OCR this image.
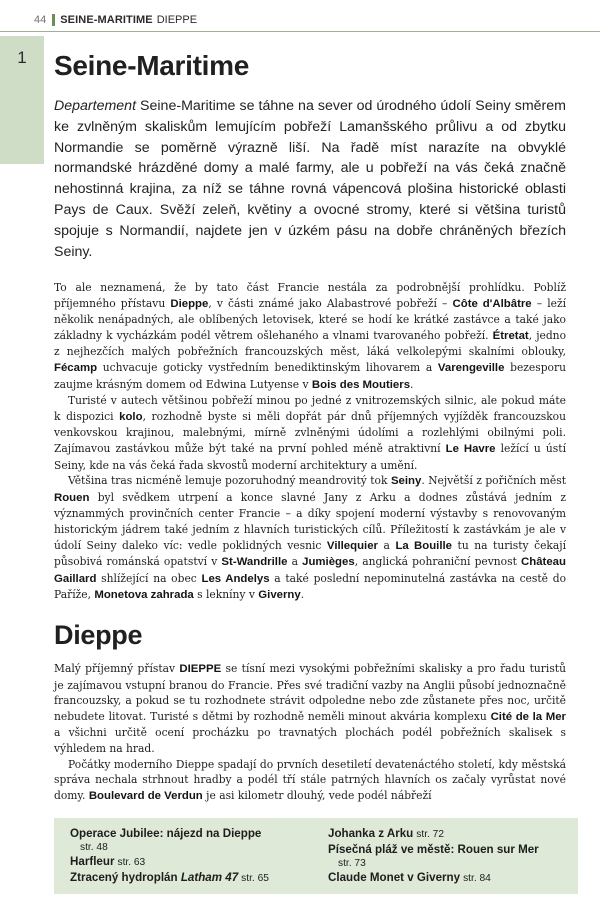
44 SEINE-MARITIME DIEPPE
1 Seine-Maritime

Departement Seine-Maritime se táhne na sever od úrodného údolí Seiny směrem ke zvlněným skaliskům lemujícím pobřeží Lamanšského průlivu a od zbytku Normandie se poměrně výrazně liší. Na řadě míst narazíte na obvyklé normandské hrázděné domy a malé farmy, ale u pobřeží na vás čeká značně nehostinná krajina, za níž se táhne rovná vápencová plošina historické oblasti Pays de Caux. Svěží zeleň, květiny a ovocné stromy, které si většina turistů spojuje s Normandií, najdete jen v úzkém pásu na dobře chráněných březích Seiny.

To ale neznamená, že by tato část Francie nestála za podrobnější prohlídku. Poblíž příjemného přístavu Dieppe, v části známé jako Alabastrové pobřeží – Côte d'Albâtre – leží několik nenápadných, ale oblíbených letovisek, které se hodí ke krátké zastávce a také jako základny k vycházkám podél větrem ošlehaného a vlnami tvarovaného pobřeží. Étretat, jedno z nejhezčích malých pobřežních francouzských měst, láká velkolepými skalními oblouky, Fécamp uchvacuje goticky vystředním benediktinským lihovarem a Varengeville bezesporu zaujme krásným domem od Edwina Lutyense v Bois des Moutiers.

Turisté v autech většinou pobřeží minou po jedné z vnitrozemských silnic, ale pokud máte k dispozici kolo, rozhodně byste si měli dopřát pár dnů příjemných vyjížděk francouzskou venkovskou krajinou, malebnými, mírně zvlněnými údolími a rozlehlými obilnými poli. Zajímavou zastávkou může být také na první pohled méně atraktivní Le Havre ležící u ústí Seiny, kde na vás čeká řada skvostů moderní architektury a umění.

Většina tras nicméně lemuje pozoruhodný meandrovitý tok Seiny. Největší z pořičních měst Rouen byl svědkem utrpení a konce slavné Jany z Arku a dodnes zůstává jedním z význammých provinčních center Francie – a díky spojení moderní výstavby s renovovaným historickým jádrem také jedním z hlavních turistických cílů. Příležitostí k zastávkám je ale v údolí Seiny daleko víc: vedle poklidných vesnic Villequier a La Bouille tu na turisty čekají působivá románská opatství v St-Wandrille a Jumièges, anglická pohraniční pevnost Château Gaillard shlížející na obec Les Andelys a také poslední nepominutelná zastávka na cestě do Paříže, Monetova zahrada s lekníny v Giverny.

Dieppe

Malý příjemný přístav DIEPPE se tísní mezi vysokými pobřežními skalisky a pro řadu turistů je zajímavou vstupní branou do Francie. Přes své tradiční vazby na Anglii působí jednoznačně francouzsky, a pokud se tu rozhodnete strávit odpoledne nebo zde zůstanete přes noc, určitě nebudete litovat. Turisté s dětmi by rozhodně neměli minout akvária komplexu Cité de la Mer a všichni určitě ocení procházku po travnatých plochách podél pobřežních skalisek s výhledem na hrad.

Počátky moderního Dieppe spadají do prvních desetiletí devatenáctého století, kdy městská správa nechala strhnout hradby a podél tří stále patrných hlavních os začaly vyrůstat nové domy. Boulevard de Verdun je asi kilometr dlouhý, vede podél nábřeží

Operace Jubilee: nájezd na Dieppe
str. 48
Harfleur str. 63
Ztracený hydroplán Latham 47 str. 65
Johanka z Arku str. 72
Písečná pláž ve městě: Rouen sur Mer
str. 73
Claude Monet v Giverny str. 84
